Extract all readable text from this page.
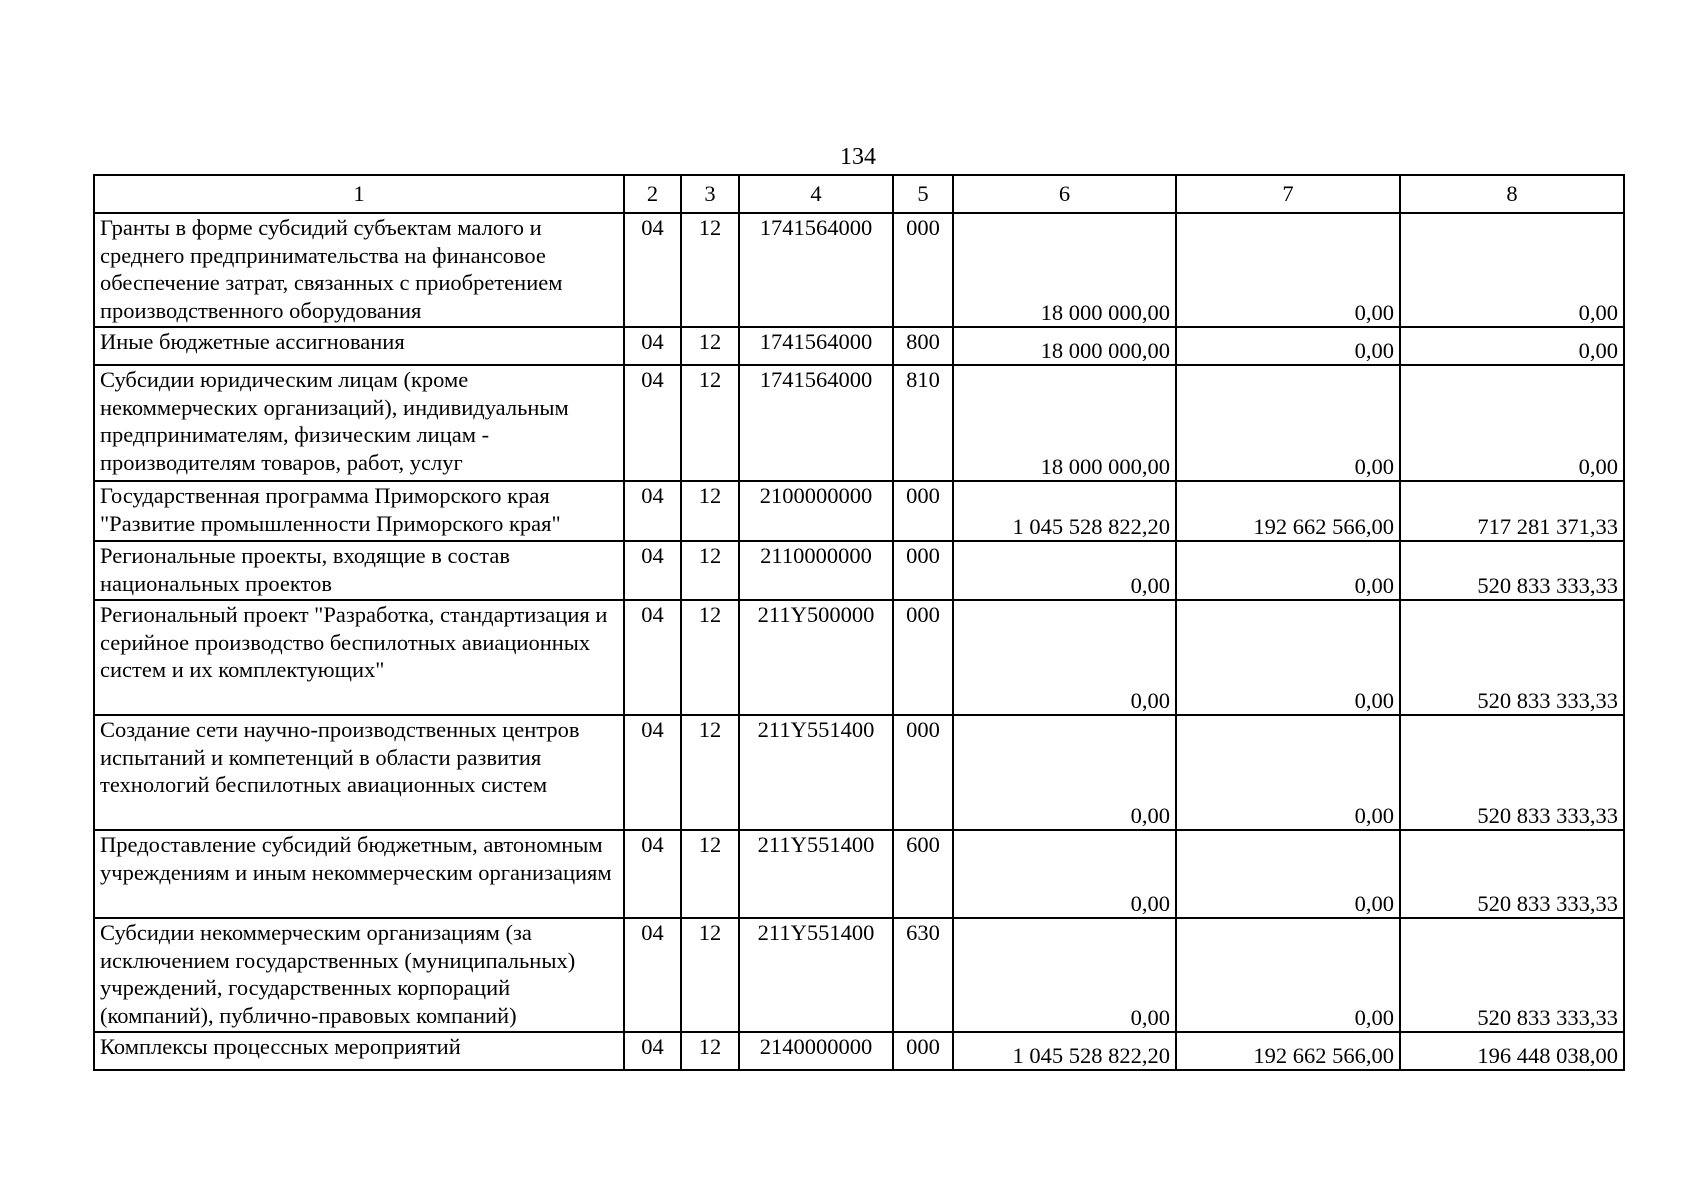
134
1	2	3	4	5	6	7	8
Гранты в форме субсидий субъектам малого и среднего предпринимательства на финансовое обеспечение затрат, связанных с приобретением производственного оборудования	04	12	1741564000	000	18 000 000,00	0,00	0,00
Иные бюджетные ассигнования	04	12	1741564000	800	18 000 000,00	0,00	0,00
Субсидии юридическим лицам (кроме некоммерческих организаций), индивидуальным предпринимателям, физическим лицам - производителям товаров, работ, услуг	04	12	1741564000	810	18 000 000,00	0,00	0,00
Государственная программа Приморского края "Развитие промышленности Приморского края"	04	12	2100000000	000	1 045 528 822,20	192 662 566,00	717 281 371,33
Региональные проекты, входящие в состав национальных проектов	04	12	2110000000	000	0,00	0,00	520 833 333,33
Региональный проект "Разработка, стандартизация и серийное производство беспилотных авиационных систем и их комплектующих"	04	12	211Y500000	000	0,00	0,00	520 833 333,33
Создание сети научно-производственных центров испытаний и компетенций в области развития технологий беспилотных авиационных систем	04	12	211Y551400	000	0,00	0,00	520 833 333,33
Предоставление субсидий бюджетным, автономным учреждениям и иным некоммерческим организациям	04	12	211Y551400	600	0,00	0,00	520 833 333,33
Субсидии некоммерческим организациям (за исключением государственных (муниципальных) учреждений, государственных корпораций (компаний), публично-правовых компаний)	04	12	211Y551400	630	0,00	0,00	520 833 333,33
Комплексы процессных мероприятий	04	12	2140000000	000	1 045 528 822,20	192 662 566,00	196 448 038,00
